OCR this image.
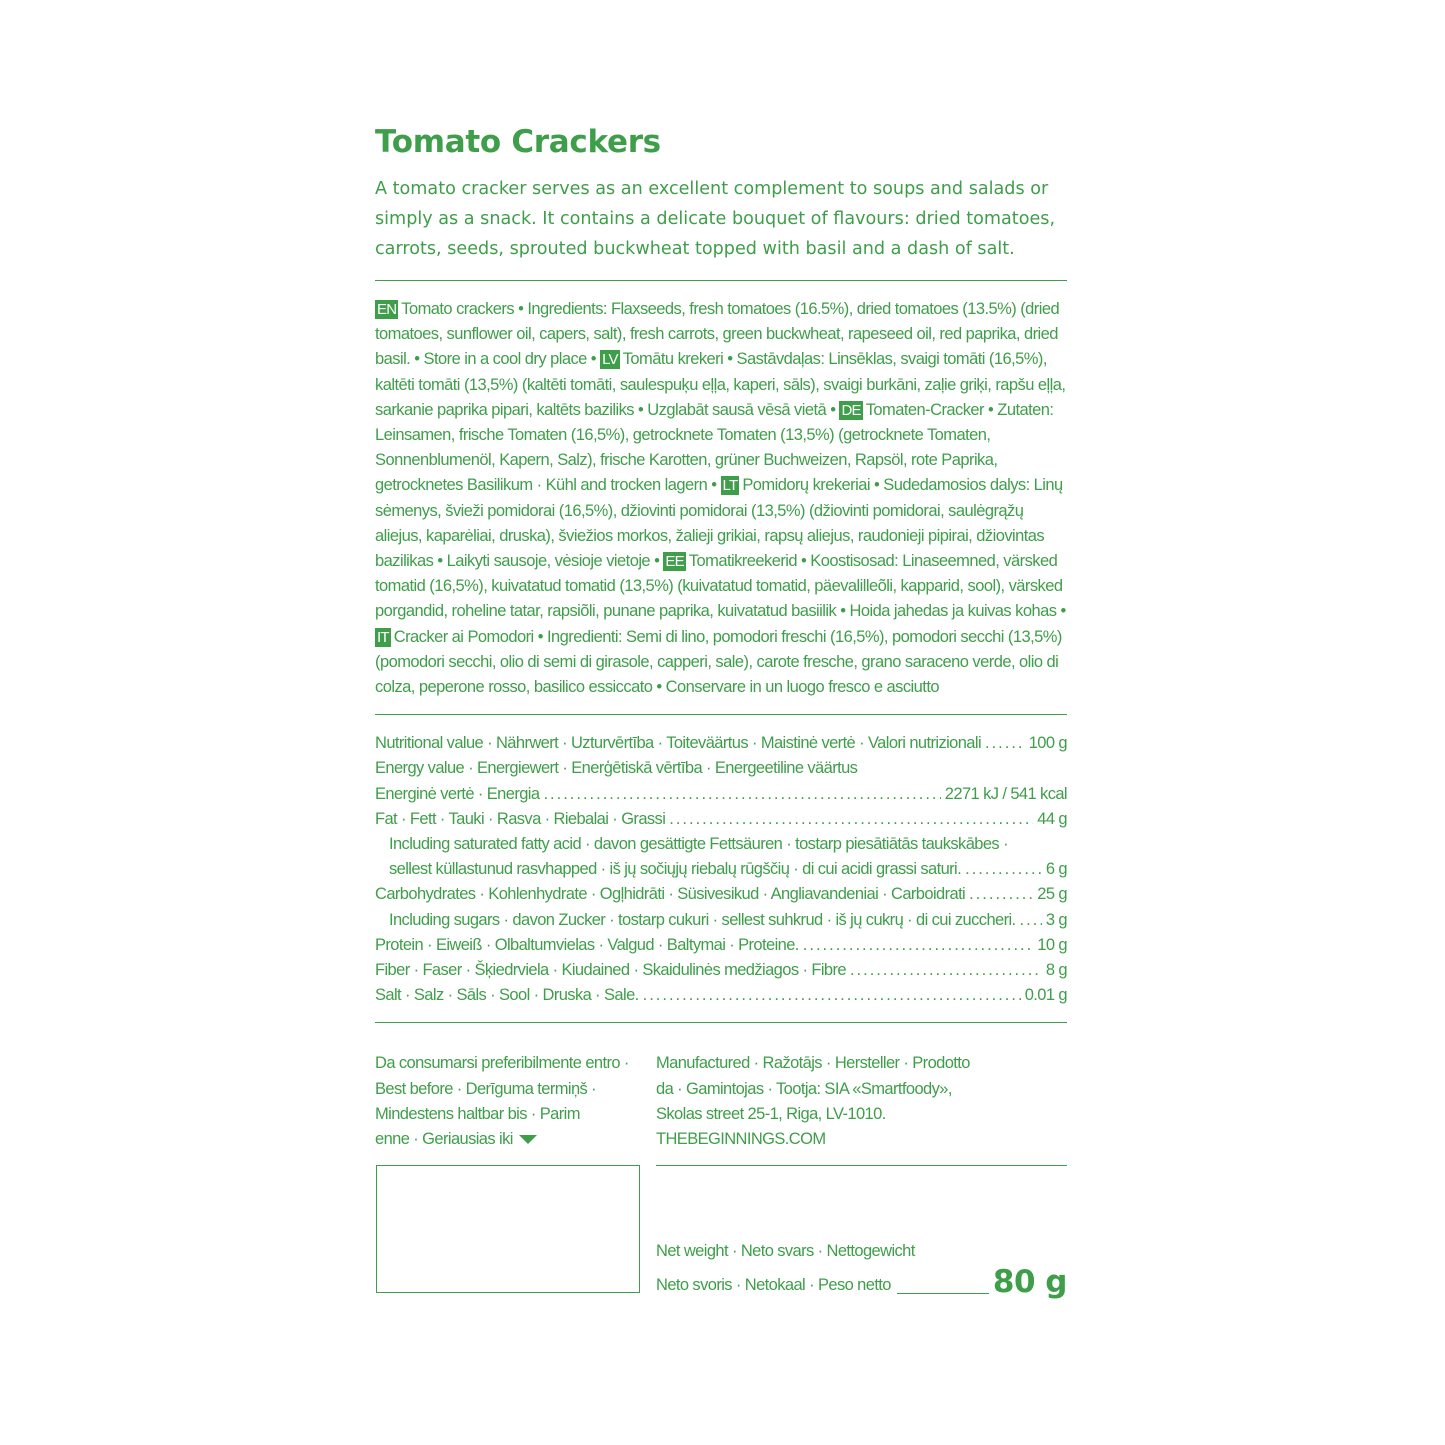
Tomato Crackers
A tomato cracker serves as an excellent complement to soups and salads or simply as a snack. It contains a delicate bouquet of flavours: dried tomatoes, carrots, seeds, sprouted buckwheat topped with basil and a dash of salt.
EN Tomato crackers • Ingredients: Flaxseeds, fresh tomatoes (16.5%), dried tomatoes (13.5%) (dried tomatoes, sunflower oil, capers, salt), fresh carrots, green buckwheat, rapeseed oil, red paprika, dried basil. • Store in a cool dry place • LV Tomātu krekeri • Sastāvdaļas: Linsēklas, svaigi tomāti (16,5%), kaltēti tomāti (13,5%) (kaltēti tomāti, saulespuķu eļļa, kaperi, sāls), svaigi burkāni, zaļie griķi, rapšu eļļa, sarkanie paprika pipari, kaltēts baziliks • Uzglabāt sausā vēsā vietā • DE Tomaten-Cracker • Zutaten: Leinsamen, frische Tomaten (16,5%), getrocknete Tomaten (13,5%) (getrocknete Tomaten, Sonnenblumenöl, Kapern, Salz), frische Karotten, grüner Buchweizen, Rapsöl, rote Paprika, getrocknetes Basilikum · Kühl and trocken lagern • LT Pomidorų krekeriai • Sudedamosios dalys: Linų sėmenys, švieži pomidorai (16,5%), džiovinti pomidorai (13,5%) (džiovinti pomidorai, saulėgrąžų aliejus, kaparėliai, druska), šviežios morkos, žalieji grikiai, rapsų aliejus, raudonieji pipirai, džiovintas bazilikas • Laikyti sausoje, vėsioje vietoje • EE Tomatikreekerid • Koostisosad: Linaseemned, värsked tomatid (16,5%), kuivatatud tomatid (13,5%) (kuivatatud tomatid, päevalilleõli, kapparid, sool), värsked porgandid, roheline tatar, rapsiõli, punane paprika, kuivatatud basiilik • Hoida jahedas ja kuivas kohas • IT Cracker ai Pomodori • Ingredienti: Semi di lino, pomodori freschi (16,5%), pomodori secchi (13,5%) (pomodori secchi, olio di semi di girasole, capperi, sale), carote fresche, grano saraceno verde, olio di colza, peperone rosso, basilico essiccato • Conservare in un luogo fresco e asciutto
Nutritional value · Nährwert · Uzturvērtība · Toiteväärtus · Maistinė vertė · Valori nutrizionali .....	100 g
Energy value · Energiewert · Enerģētiskā vērtība · Energeetiline väärtus
Energinė vertė · Energia .....	2271 kJ / 541 kcal
Fat · Fett · Tauki · Rasva · Riebalai · Grassi .....	44 g
Including saturated fatty acid · davon gesättigte Fettsäuren · tostarp piesātiātās taukskābes ·
sellest küllastunud rasvhapped · iš jų sočiųjų riebalų rūgščių · di cui acidi grassi saturi. .....	6 g
Carbohydrates · Kohlenhydrate · Ogļhidrāti · Süsivesikud · Angliavandeniai · Carboidrati .....	25 g
Including sugars · davon Zucker · tostarp cukuri · sellest suhkrud · iš jų cukrų · di cui zuccheri. ..... 3 g
Protein · Eiweiß · Olbaltumvielas · Valgud · Baltymai · Proteine. .....	10 g
Fiber · Faser · Šķiedrviela · Kiudained · Skaidulinės medžiagos · Fibre .....	8 g
Salt · Salz · Sāls · Sool · Druska · Sale. .....	0.01 g
Da consumarsi preferibilmente entro ·
Best before · Derīguma termiņš ·
Mindestens haltbar bis · Parim
enne · Geriausias iki
Manufactured · Ražotājs · Hersteller · Prodotto
da · Gamintojas · Tootja: SIA «Smartfoody»,
Skolas street 25-1, Riga, LV-1010.
THEBEGINNINGS.COM
Net weight · Neto svars · Nettogewicht
Neto svoris · Netokaal · Peso netto	80 g
